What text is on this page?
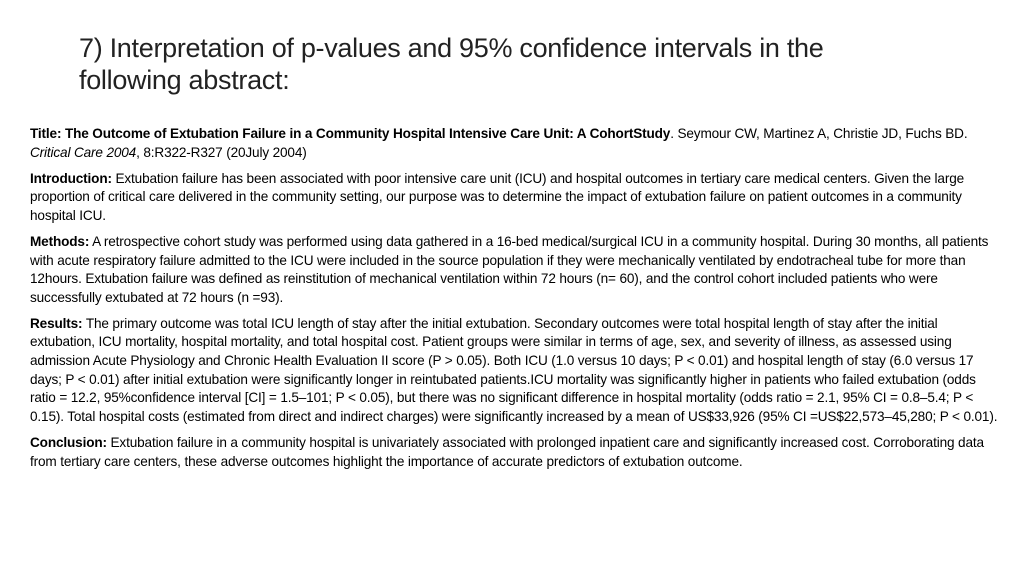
7) Interpretation of p-values and 95% confidence intervals in the
following abstract:

Title: The Outcome of Extubation Failure in a Community Hospital Intensive Care Unit: A CohortStudy. Seymour CW, Martinez A, Christie JD, Fuchs BD. Critical Care 2004, 8:R322-R327 (20July 2004)

Introduction: Extubation failure has been associated with poor intensive care unit (ICU) and hospital outcomes in tertiary care medical centers. Given the large proportion of critical care delivered in the community setting, our purpose was to determine the impact of extubation failure on patient outcomes in a community hospital ICU.

Methods: A retrospective cohort study was performed using data gathered in a 16-bed medical/surgical ICU in a community hospital. During 30 months, all patients with acute respiratory failure admitted to the ICU were included in the source population if they were mechanically ventilated by endotracheal tube for more than 12hours. Extubation failure was defined as reinstitution of mechanical ventilation within 72 hours (n= 60), and the control cohort included patients who were successfully extubated at 72 hours (n =93).

Results: The primary outcome was total ICU length of stay after the initial extubation. Secondary outcomes were total hospital length of stay after the initial extubation, ICU mortality, hospital mortality, and total hospital cost. Patient groups were similar in terms of age, sex, and severity of illness, as assessed using admission Acute Physiology and Chronic Health Evaluation II score (P > 0.05). Both ICU (1.0 versus 10 days; P < 0.01) and hospital length of stay (6.0 versus 17 days; P < 0.01) after initial extubation were significantly longer in reintubated patients.ICU mortality was significantly higher in patients who failed extubation (odds ratio = 12.2, 95%confidence interval [CI] = 1.5–101; P < 0.05), but there was no significant difference in hospital mortality (odds ratio = 2.1, 95% CI = 0.8–5.4; P < 0.15). Total hospital costs (estimated from direct and indirect charges) were significantly increased by a mean of US$33,926 (95% CI =US$22,573–45,280; P < 0.01).

Conclusion: Extubation failure in a community hospital is univariately associated with prolonged inpatient care and significantly increased cost. Corroborating data from tertiary care centers, these adverse outcomes highlight the importance of accurate predictors of extubation outcome.
